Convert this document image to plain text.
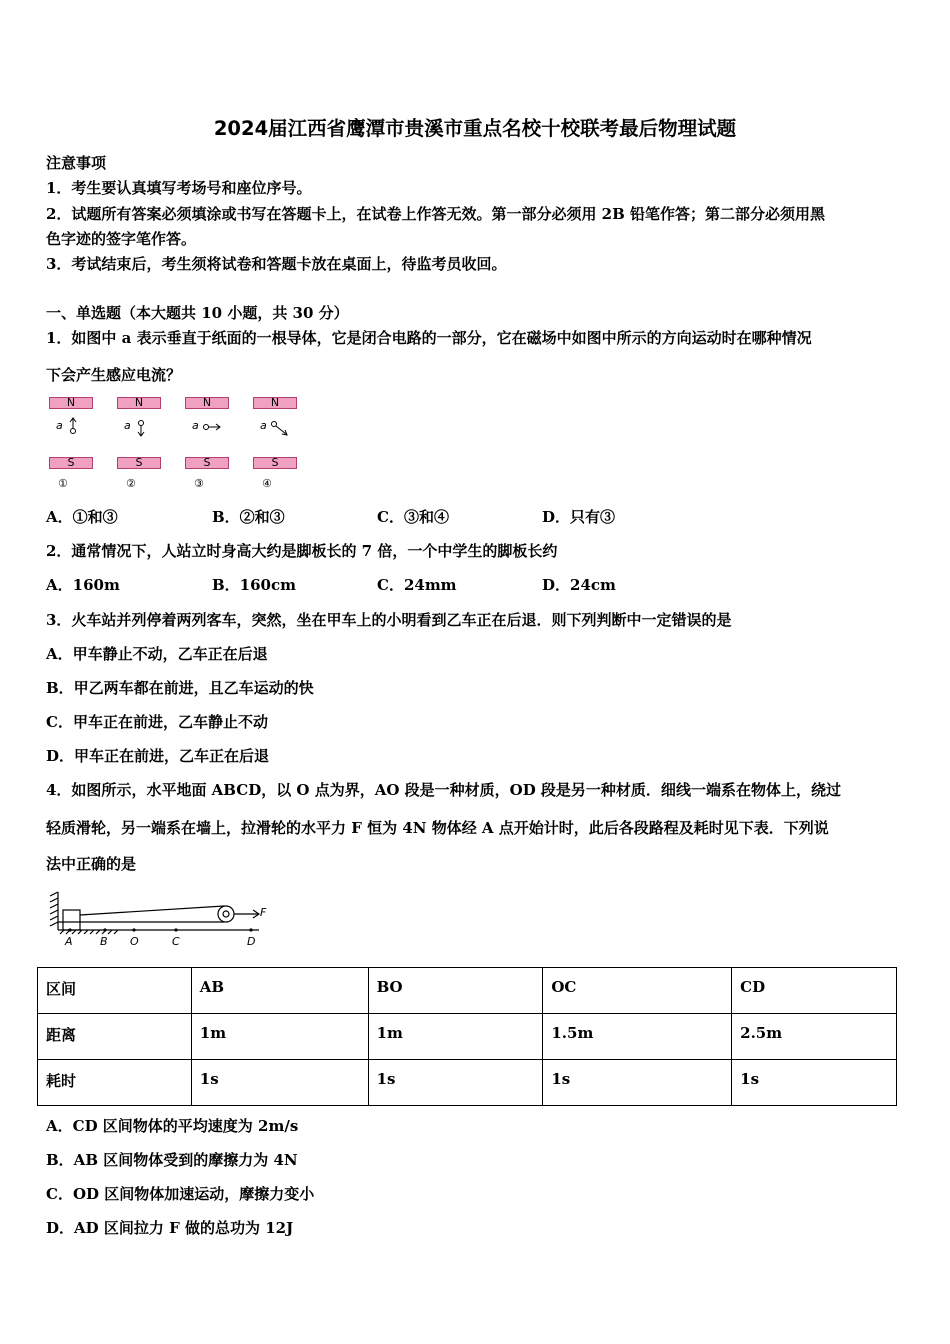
2024届江西省鹰潭市贵溪市重点名校十校联考最后物理试题
注意事项
1．考生要认真填写考场号和座位序号。
2．试题所有答案必须填涂或书写在答题卡上，在试卷上作答无效。第一部分必须用 2B 铅笔作答；第二部分必须用黑
色字迹的签字笔作答。
3．考试结束后，考生须将试卷和答题卡放在桌面上，待监考员收回。
一、单选题（本大题共 10 小题，共 30 分）
1．如图中 a 表示垂直于纸面的一根导体，它是闭合电路的一部分，它在磁场中如图中所示的方向运动时在哪种情况
下会产生感应电流？
N	N	N	N
S	S	S	S
a	a	a	a
①	②	③	④
A．①和③	B．②和③	C．③和④	D．只有③
2．通常情况下，人站立时身高大约是脚板长的 7 倍，一个中学生的脚板长约
A．160m	B．160cm	C．24mm	D．24cm
3．火车站并列停着两列客车，突然，坐在甲车上的小明看到乙车正在后退．则下列判断中一定错误的是
A．甲车静止不动，乙车正在后退
B．甲乙两车都在前进，且乙车运动的快
C．甲车正在前进，乙车静止不动
D．甲车正在前进，乙车正在后退
4．如图所示，水平地面 ABCD，以 O 点为界，AO 段是一种材质，OD 段是另一种材质．细线一端系在物体上，绕过
轻质滑轮，另一端系在墙上，拉滑轮的水平力 F 恒为 4N 物体经 A 点开始计时，此后各段路程及耗时见下表．下列说
法中正确的是
F
A B O	C	D
区间	AB	BO	OC	CD
距离	1m	1m	1.5m	2.5m
耗时	1s	1s	1s	1s
A．CD 区间物体的平均速度为 2m/s
B．AB 区间物体受到的摩擦力为 4N
C．OD 区间物体加速运动，摩擦力变小
D．AD 区间拉力 F 做的总功为 12J
